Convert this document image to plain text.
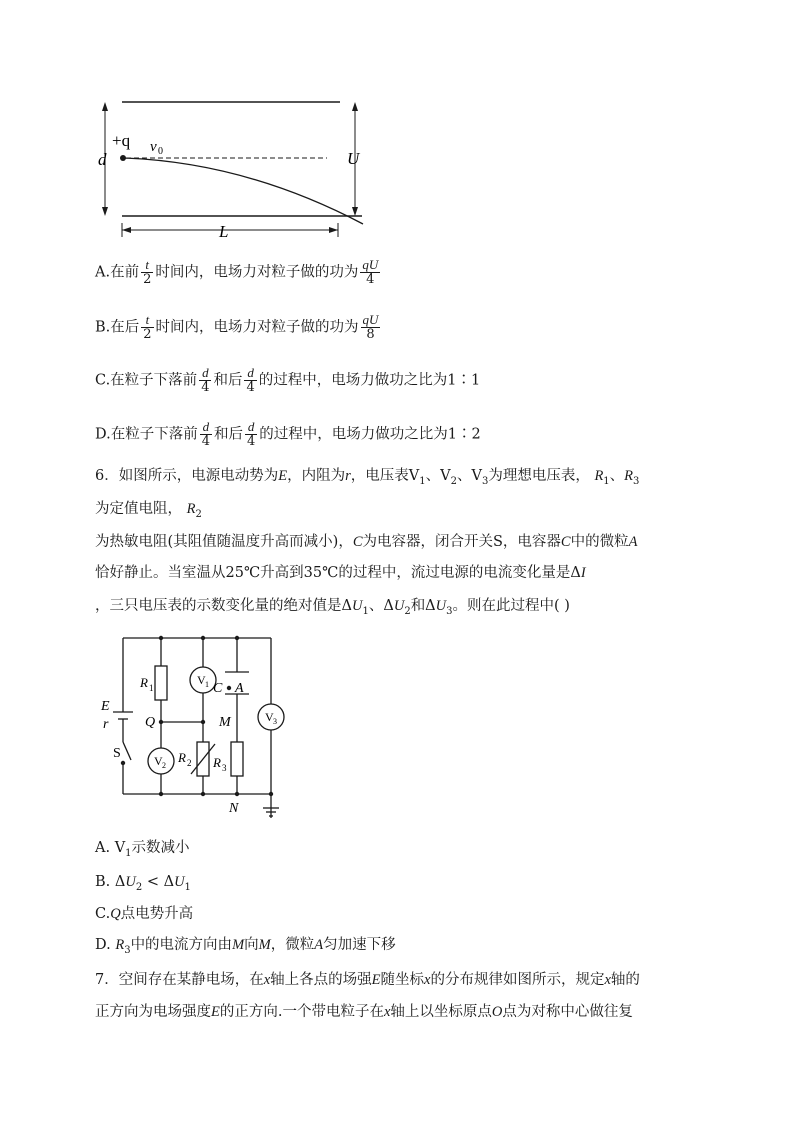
+q v 0
d	U
L
A.在前 $\frac{t}{2}$ 时间内，电场力对粒子做的功为 $\frac{qU}{4}$
B.在后 $\frac{t}{2}$ 时间内，电场力对粒子做的功为 $\frac{qU}{8}$
C.在粒子下落前 $\frac{d}{4}$ 和后 $\frac{d}{4}$ 的过程中，电场力做功之比为1∶1
D.在粒子下落前 $\frac{d}{4}$ 和后 $\frac{d}{4}$ 的过程中，电场力做功之比为1∶2
6．如图所示，电源电动势为E，内阻为r，电压表$V_1$、$V_2$、$V_3$为理想电压表， $R_1$、$R_3$
为定值电阻， $R_2$
为热敏电阻(其阻值随温度升高而减小)，C为电容器，闭合开关S，电容器C中的微粒A
恰好静止。当室温从25℃升高到35℃的过程中，流过电源的电流变化量是ΔI
，三只电压表的示数变化量的绝对值是$\Delta U_1$、$\Delta U_2$和$\Delta U_3$。则在此过程中( )
E
r
S
R 1
Q
V 2
V 1
R 2
C A
M
R 3
V 3
N
A. $V_1$示数减小
B. $\Delta U_2 < \Delta U_1$
C.Q点电势升高
D. $R_3$中的电流方向由M向M，微粒A匀加速下移
7．空间存在某静电场，在x轴上各点的场强E随坐标x的分布规律如图所示，规定x轴的
正方向为电场强度E的正方向.一个带电粒子在x轴上以坐标原点O点为对称中心做往复
